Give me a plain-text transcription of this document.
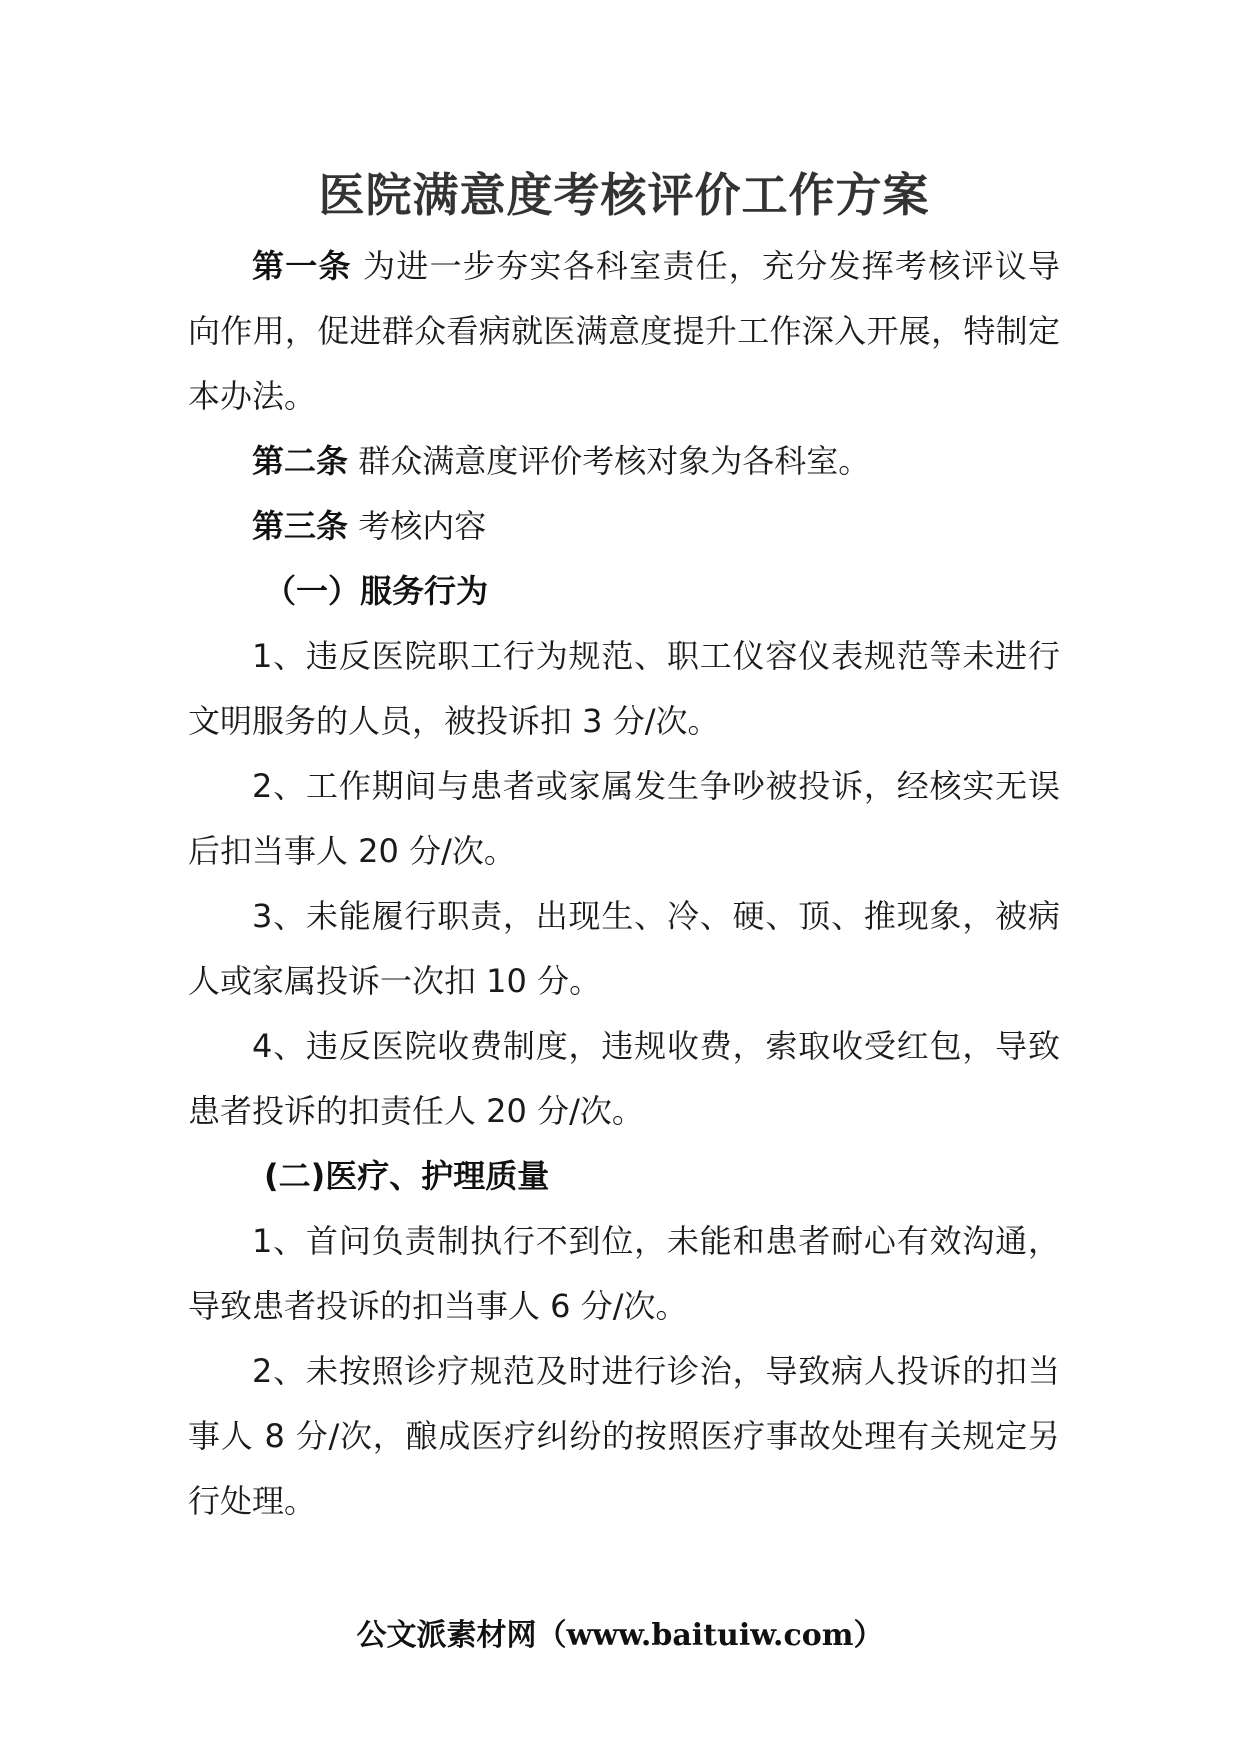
医院满意度考核评价工作方案

第一条 为进一步夯实各科室责任，充分发挥考核评议导向作用，促进群众看病就医满意度提升工作深入开展，特制定本办法。

第二条 群众满意度评价考核对象为各科室。

第三条 考核内容

（一）服务行为

1、违反医院职工行为规范、职工仪容仪表规范等未进行文明服务的人员，被投诉扣 3 分/次。

2、工作期间与患者或家属发生争吵被投诉，经核实无误后扣当事人 20 分/次。

3、未能履行职责，出现生、冷、硬、顶、推现象，被病人或家属投诉一次扣 10 分。

4、违反医院收费制度，违规收费，索取收受红包，导致患者投诉的扣责任人 20 分/次。

(二)医疗、护理质量

1、首问负责制执行不到位，未能和患者耐心有效沟通，导致患者投诉的扣当事人 6 分/次。

2、未按照诊疗规范及时进行诊治，导致病人投诉的扣当事人 8 分/次，酿成医疗纠纷的按照医疗事故处理有关规定另行处理。

公文派素材网（www.baituiw.com）
